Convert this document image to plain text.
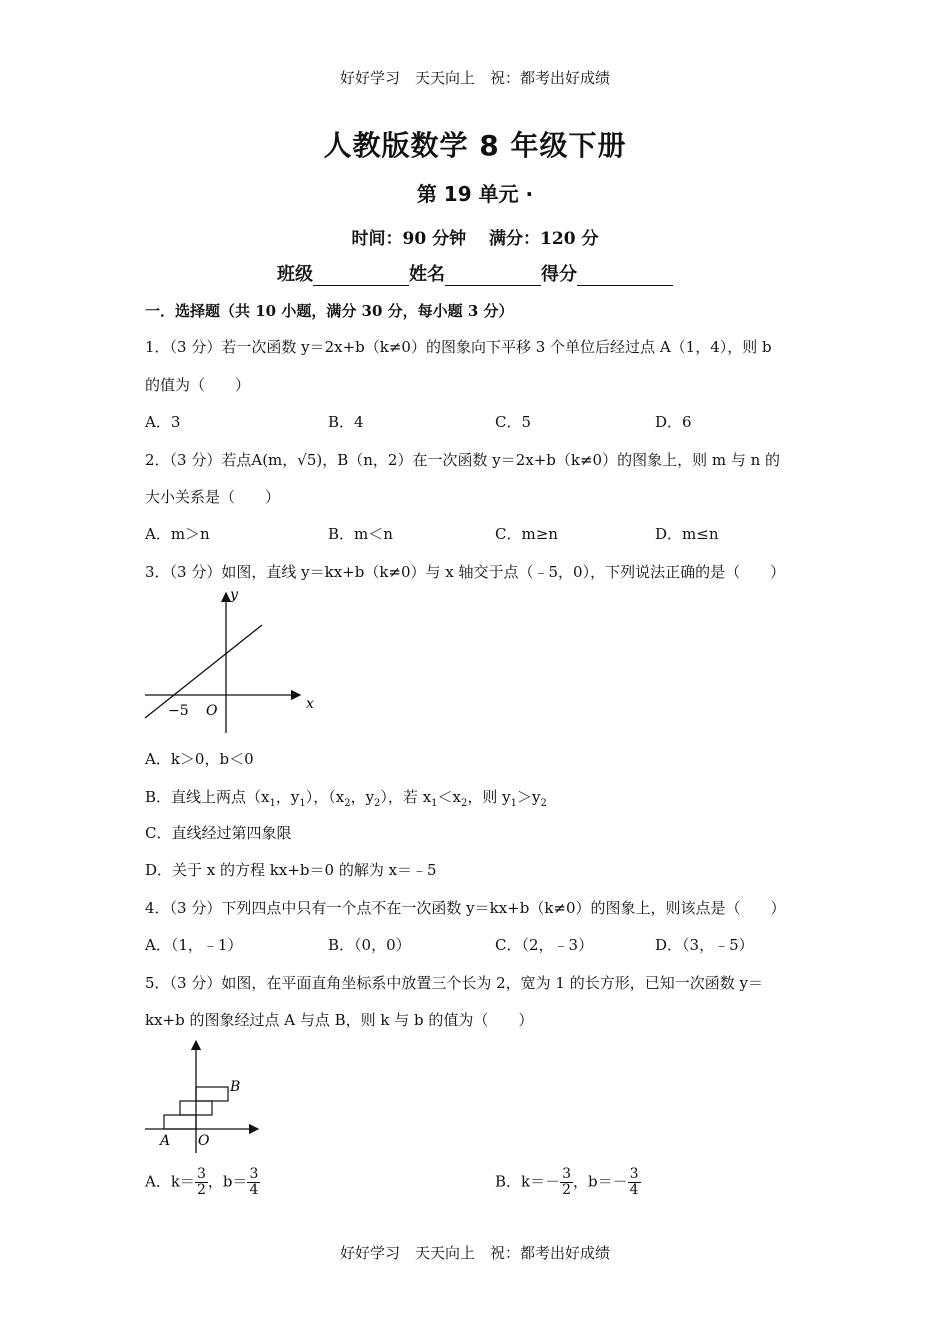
好好学习　天天向上　祝：都考出好成绩
人教版数学 8 年级下册
第 19 单元 ·
时间：90 分钟　 满分：120 分
班级	姓名	得分
一．选择题（共 10 小题，满分 30 分，每小题 3 分）
1．（3 分）若一次函数 y＝2x+b（k≠0）的图象向下平移 3 个单位后经过点 A（1，4），则 b
的值为（　　）
A．3	B．4	C．5	D．6
2．（3 分）若点A(m，√5)，B（n，2）在一次函数 y＝2x+b（k≠0）的图象上，则 m 与 n 的
大小关系是（　　）
A．m＞n	B．m＜n	C．m≥n	D．m≤n
3．（3 分）如图，直线 y＝kx+b（k≠0）与 x 轴交于点（﹣5，0），下列说法正确的是（　　）
y
x
−5 O
A．k＞0，b＜0
B．直线上两点（$x_1$，$y_1$），（$x_2$，$y_2$），若 $x_1<x_2$，则 $y_1>y_2$
C．直线经过第四象限
D．关于 x 的方程 kx+b＝0 的解为 x＝﹣5
4．（3 分）下列四点中只有一个点不在一次函数 y＝kx+b（k≠0）的图象上，则该点是（　　）
A．（1，﹣1）	B．（0，0）	C．（2，﹣3）	D．（3，﹣5）
5．（3 分）如图，在平面直角坐标系中放置三个长为 2，宽为 1 的长方形，已知一次函数 y＝
kx+b 的图象经过点 A 与点 B，则 k 与 b 的值为（　　）
B
A O
A．$k= \frac{3}{2}$ ，$b= \frac{3}{4}$	B．$k=- \frac{3}{2}$ ，$b=- \frac{3}{4}$
好好学习　天天向上　祝：都考出好成绩
